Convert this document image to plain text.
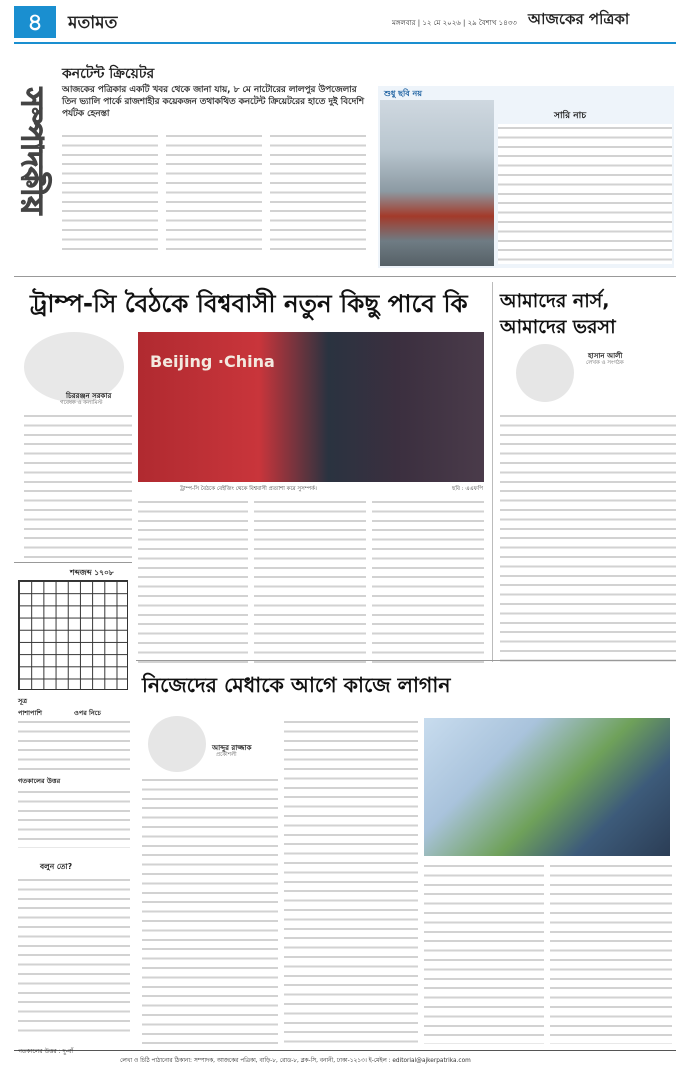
৪	মতামত	মঙ্গলবার | ১২ মে ২০২৬ | ২৯ বৈশাখ ১৪৩৩ আজকের পত্রিকা
সম্পাদকীয়
কনটেন্ট ক্রিয়েটর
আজকের পত্রিকার একটি খবর থেকে জানা যায়, ৮ মে নাটোরের লালপুর উপজেলার তিন ভ্যালি পার্কে রাজশাহীর কয়েকজন তথাকথিত কনটেন্ট ক্রিয়েটরের হাতে দুই বিদেশি পর্যটক হেনস্তা
শুধু ছবি নয়
সারি নাচ
ট্রাম্প-সি বৈঠকে বিশ্ববাসী নতুন কিছু পাবে কি
চিররঞ্জন সরকার
গবেষক ও কলামিস্ট
Beijing ·China
ট্রাম্প-সি বৈঠকে বেইজিং থেকে বিশ্ববাসী প্রত্যাশা করে সুসম্পর্ক।	ছবি : এএফপি
আমাদের নার্স, আমাদের ভরসা
হাসান আলী
লেখক ও সংগঠক
শব্দজব্দ ১৭০৮
সূত্র
পাশাপাশি	ওপর নিচে
গতকালের উত্তর
বলুন তো?
নিজেদের মেধাকে আগে কাজে লাগান
আব্দুর রাজ্জাক
প্রকৌশলী
গতকালের উত্তর : দু-বাঁ
লেখা ও চিঠি পাঠানোর ঠিকানা: সম্পাদক, আজকের পত্রিকা, বাড়ি-৮, রোড-৮, ব্লক-সি, বনানী, ঢাকা-১২১৩। ই-মেইল : editorial@ajkerpatrika.com
